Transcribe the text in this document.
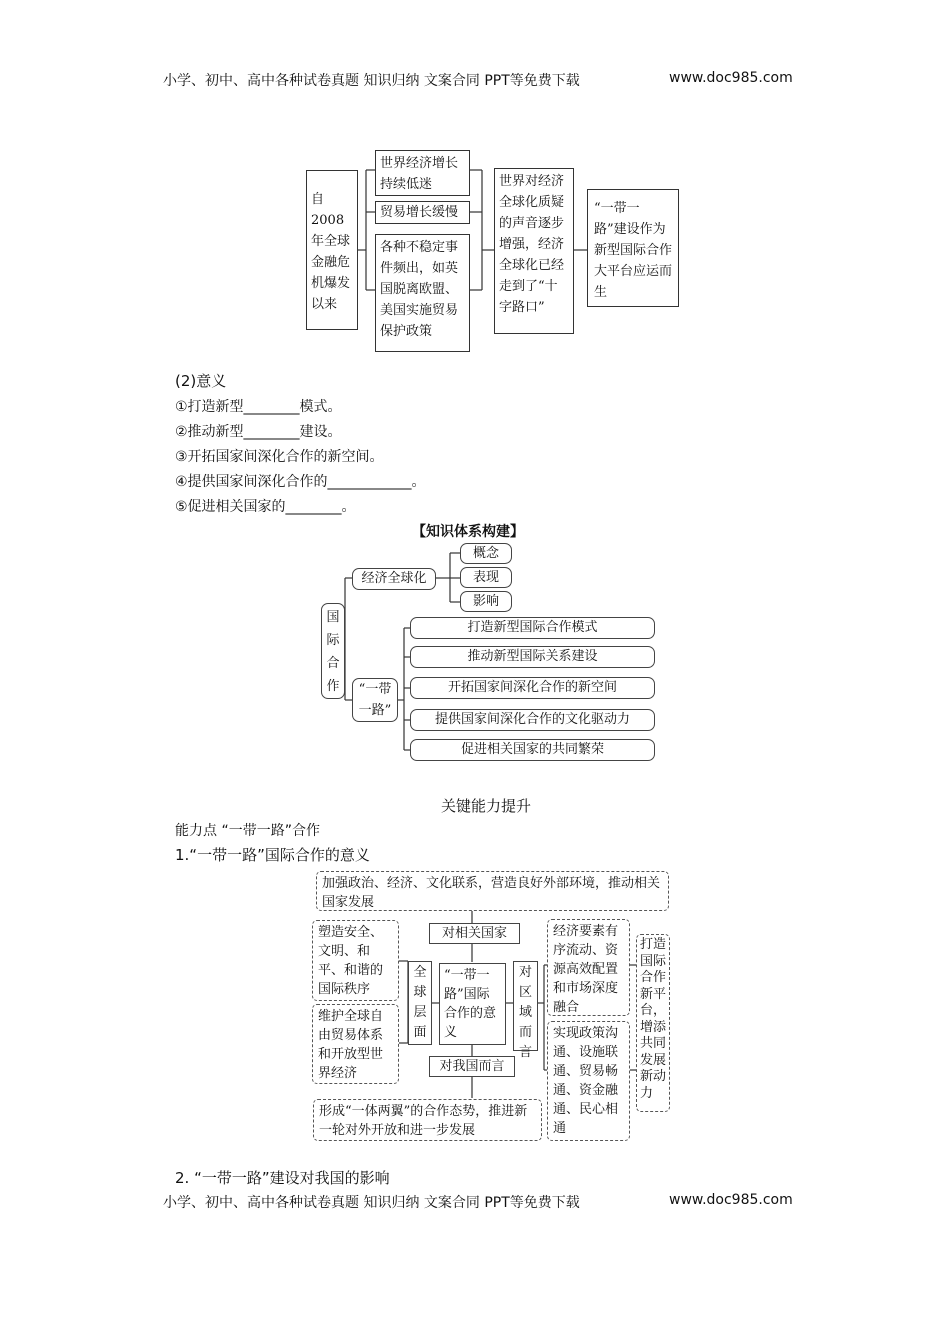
小学、初中、高中各种试卷真题 知识归纳 文案合同 PPT等免费下载	www.doc985.com
自2008年全球金融危机爆发以来
世界经济增长持续低迷
贸易增长缓慢
各种不稳定事件频出，如英国脱离欧盟、美国实施贸易保护政策
世界对经济全球化质疑的声音逐步增强，经济全球化已经走到了“十字路口”
“一带一路”建设作为新型国际合作大平台应运而生
(2)意义
①打造新型________模式。
②推动新型________建设。
③开拓国家间深化合作的新空间。
④提供国家间深化合作的____________。
⑤促进相关国家的________。
【知识体系构建】
国际合作
经济全球化
概念
表现
影响
“一带一路”
打造新型国际合作模式
推动新型国际关系建设
开拓国家间深化合作的新空间
提供国家间深化合作的文化驱动力
促进相关国家的共同繁荣
关键能力提升
能力点 “一带一路”合作
1.“一带一路”国际合作的意义
加强政治、经济、文化联系，营造良好外部环境，推动相关国家发展
对相关国家
“一带一路”国际合作的意义
对我国而言
全球层面
对区域而言
塑造安全、文明、和平、和谐的国际秩序
维护全球自由贸易体系和开放型世界经济
经济要素有序流动、资源高效配置和市场深度融合
实现政策沟通、设施联通、贸易畅通、资金融通、民心相通
打造国际合作新平台，增添共同发展新动力
形成“一体两翼”的合作态势，推进新一轮对外开放和进一步发展
2. “一带一路”建设对我国的影响
小学、初中、高中各种试卷真题 知识归纳 文案合同 PPT等免费下载	www.doc985.com
